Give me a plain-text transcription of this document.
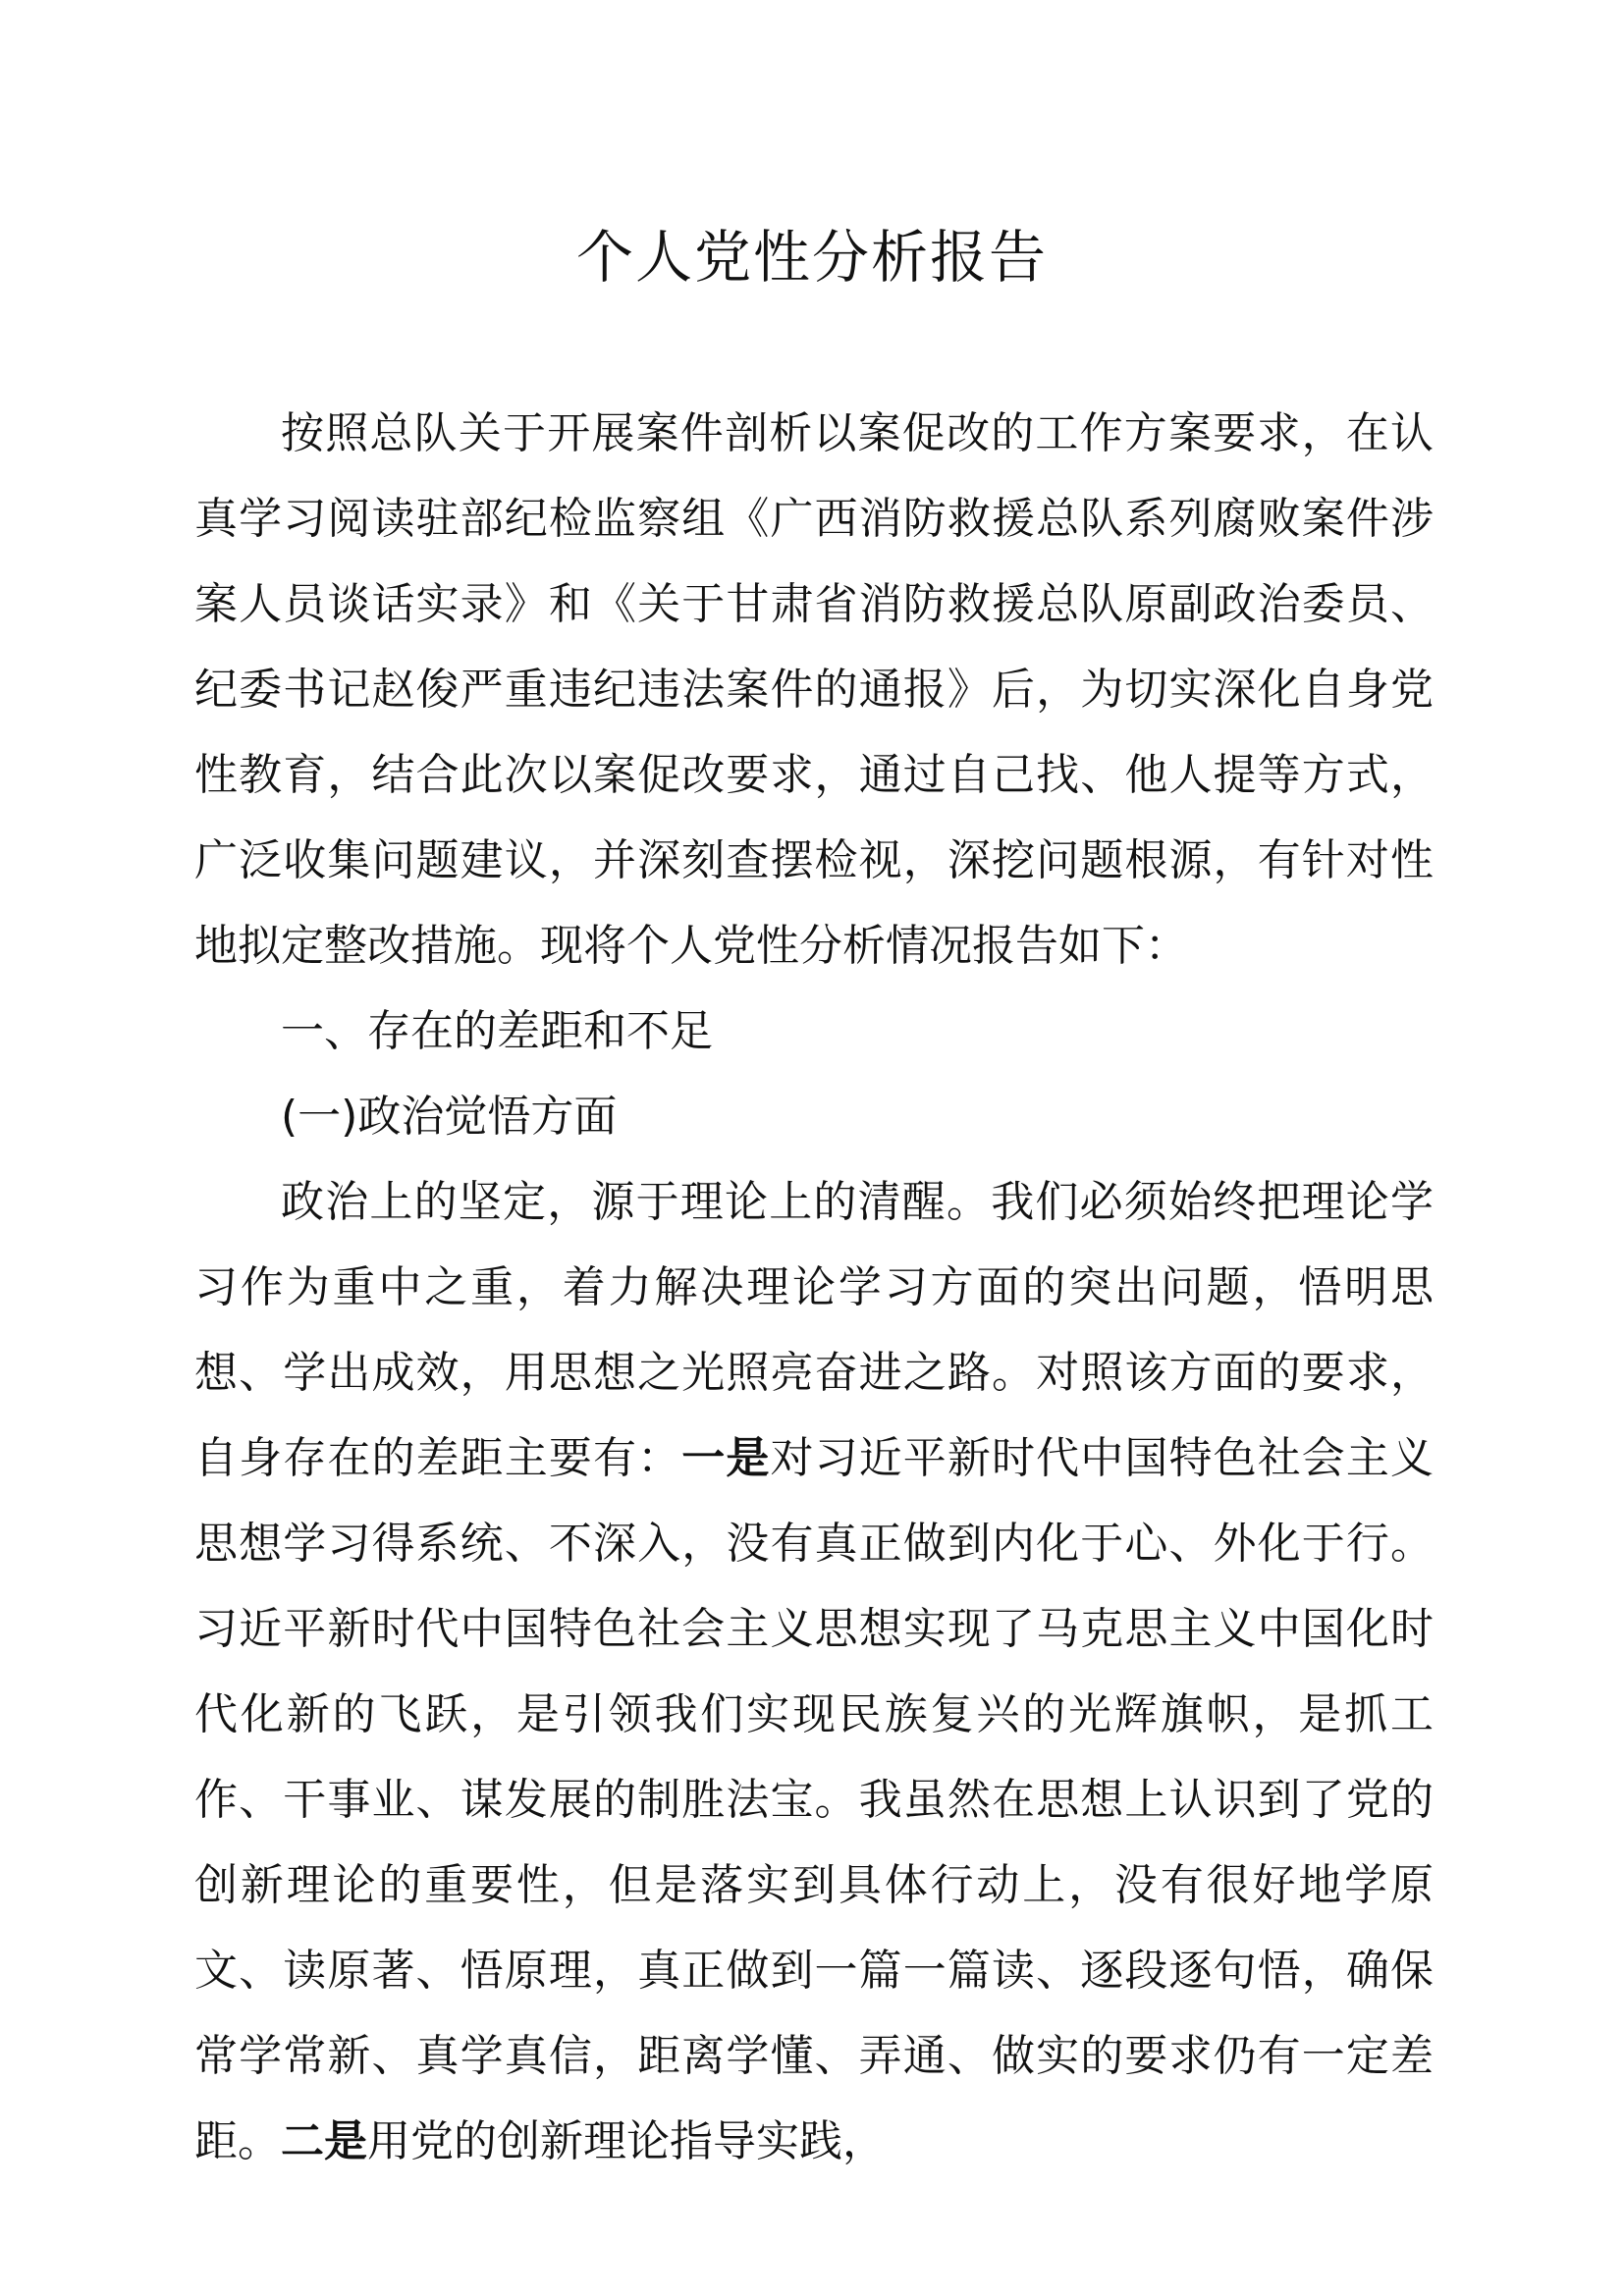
个人党性分析报告

按照总队关于开展案件剖析以案促改的工作方案要求，在认真学习阅读驻部纪检监察组《广西消防救援总队系列腐败案件涉案人员谈话实录》和《关于甘肃省消防救援总队原副政治委员、纪委书记赵俊严重违纪违法案件的通报》后，为切实深化自身党性教育，结合此次以案促改要求，通过自己找、他人提等方式，广泛收集问题建议，并深刻查摆检视，深挖问题根源，有针对性地拟定整改措施。现将个人党性分析情况报告如下：

一、存在的差距和不足

(一)政治觉悟方面

政治上的坚定，源于理论上的清醒。我们必须始终把理论学习作为重中之重，着力解决理论学习方面的突出问题，悟明思想、学出成效，用思想之光照亮奋进之路。对照该方面的要求，自身存在的差距主要有：一是对习近平新时代中国特色社会主义思想学习得系统、不深入，没有真正做到内化于心、外化于行。习近平新时代中国特色社会主义思想实现了马克思主义中国化时代化新的飞跃，是引领我们实现民族复兴的光辉旗帜，是抓工作、干事业、谋发展的制胜法宝。我虽然在思想上认识到了党的创新理论的重要性，但是落实到具体行动上，没有很好地学原文、读原著、悟原理，真正做到一篇一篇读、逐段逐句悟，确保常学常新、真学真信，距离学懂、弄通、做实的要求仍有一定差距。二是用党的创新理论指导实践，
